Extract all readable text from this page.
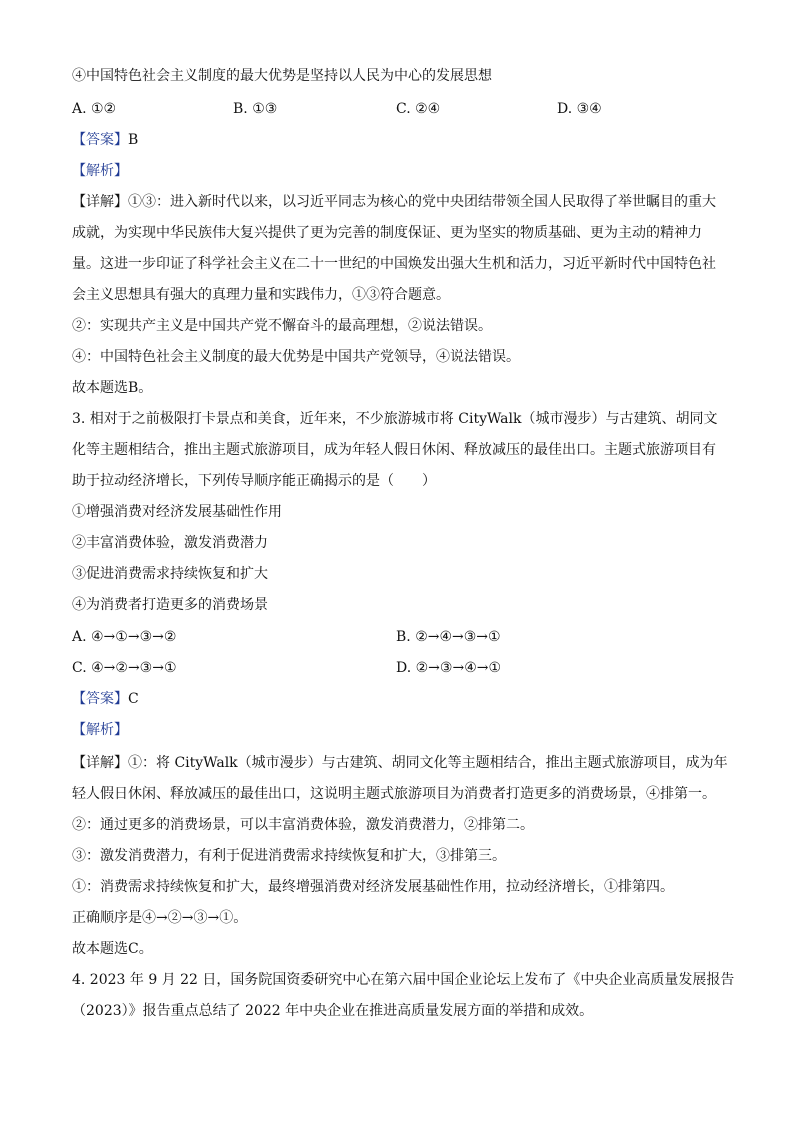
④中国特色社会主义制度的最大优势是坚持以人民为中心的发展思想
A. ①②	B. ①③	C. ②④	D. ③④
【答案】B
【解析】
【详解】①③：进入新时代以来，以习近平同志为核心的党中央团结带领全国人民取得了举世瞩目的重大
成就，为实现中华民族伟大复兴提供了更为完善的制度保证、更为坚实的物质基础、更为主动的精神力
量。这进一步印证了科学社会主义在二十一世纪的中国焕发出强大生机和活力，习近平新时代中国特色社
会主义思想具有强大的真理力量和实践伟力，①③符合题意。
②：实现共产主义是中国共产党不懈奋斗的最高理想，②说法错误。
④：中国特色社会主义制度的最大优势是中国共产党领导，④说法错误。
故本题选B。
3. 相对于之前极限打卡景点和美食，近年来，不少旅游城市将 CityWalk（城市漫步）与古建筑、胡同文
化等主题相结合，推出主题式旅游项目，成为年轻人假日休闲、释放减压的最佳出口。主题式旅游项目有
助于拉动经济增长，下列传导顺序能正确揭示的是（　　）
①增强消费对经济发展基础性作用
②丰富消费体验，激发消费潜力
③促进消费需求持续恢复和扩大
④为消费者打造更多的消费场景
A. ④→①→③→②	B. ②→④→③→①
C. ④→②→③→①	D. ②→③→④→①
【答案】C
【解析】
【详解】①：将 CityWalk（城市漫步）与古建筑、胡同文化等主题相结合，推出主题式旅游项目，成为年
轻人假日休闲、释放减压的最佳出口，这说明主题式旅游项目为消费者打造更多的消费场景，④排第一。
②：通过更多的消费场景，可以丰富消费体验，激发消费潜力，②排第二。
③：激发消费潜力，有利于促进消费需求持续恢复和扩大，③排第三。
①：消费需求持续恢复和扩大，最终增强消费对经济发展基础性作用，拉动经济增长，①排第四。
正确顺序是④→②→③→①。
故本题选C。
4. 2023 年 9 月 22 日，国务院国资委研究中心在第六届中国企业论坛上发布了《中央企业高质量发展报告
（2023）》报告重点总结了 2022 年中央企业在推进高质量发展方面的举措和成效。
